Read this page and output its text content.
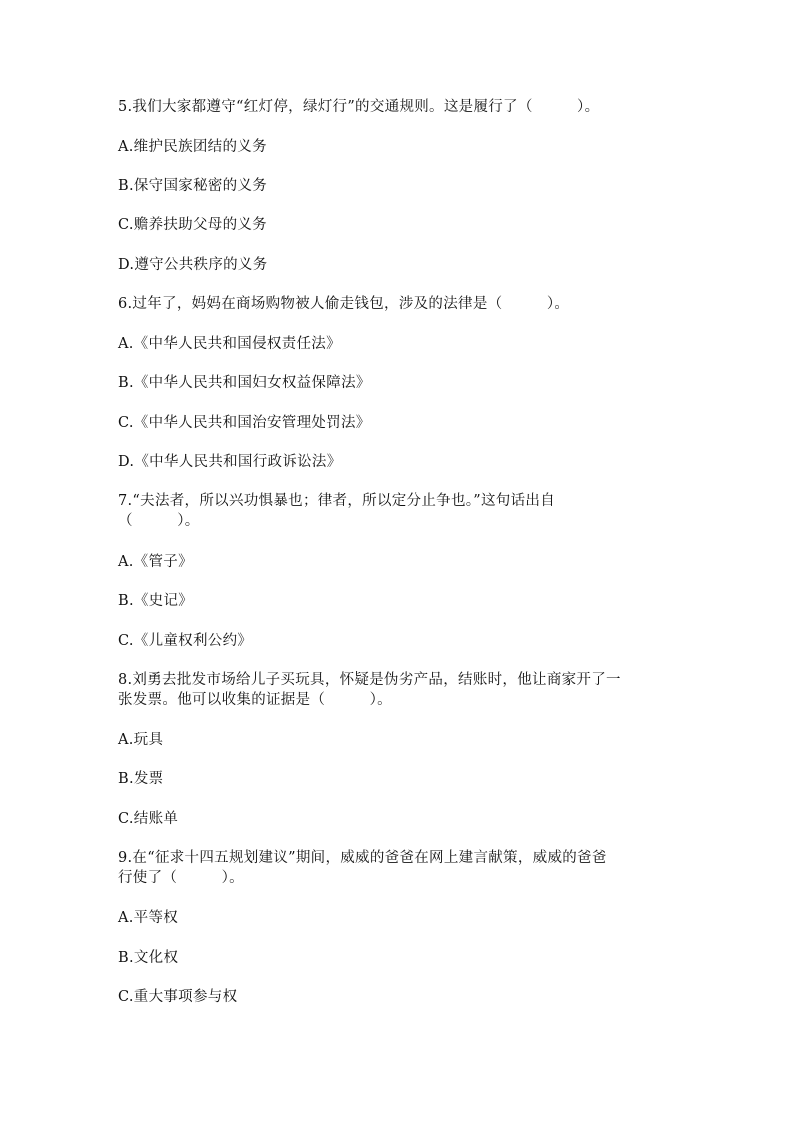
5.我们大家都遵守“红灯停，绿灯行”的交通规则。这是履行了（　　　）。

A.维护民族团结的义务

B.保守国家秘密的义务

C.赡养扶助父母的义务

D.遵守公共秩序的义务

6.过年了，妈妈在商场购物被人偷走钱包，涉及的法律是（　　　）。

A.《中华人民共和国侵权责任法》

B.《中华人民共和国妇女权益保障法》

C.《中华人民共和国治安管理处罚法》

D.《中华人民共和国行政诉讼法》

7.“夫法者，所以兴功惧暴也；律者，所以定分止争也。”这句话出自

（　　　）。

A.《管子》

B.《史记》

C.《儿童权利公约》

8.刘勇去批发市场给儿子买玩具，怀疑是伪劣产品，结账时，他让商家开了一

张发票。他可以收集的证据是（　　　）。

A.玩具

B.发票

C.结账单

9.在“征求十四五规划建议”期间，威威的爸爸在网上建言献策，威威的爸爸

行使了（　　　）。

A.平等权

B.文化权

C.重大事项参与权
